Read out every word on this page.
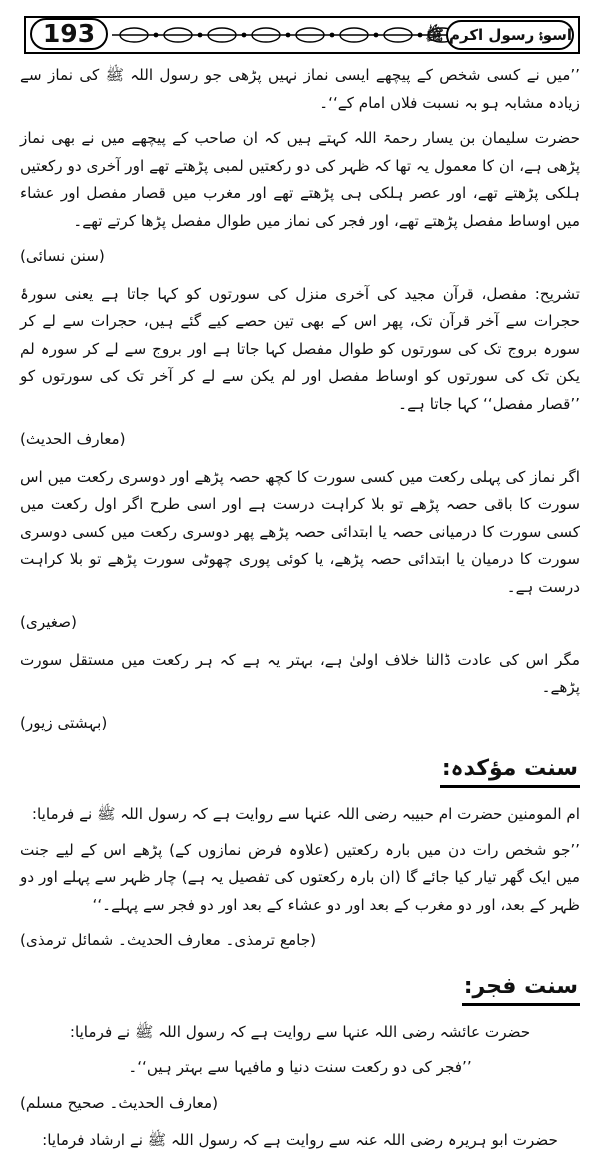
193	اسوۂ رسول اکرم ﷺ

’’میں نے کسی شخص کے پیچھے ایسی نماز نہیں پڑھی جو رسول اللہ ﷺ کی نماز سے زیادہ مشابہ ہو بہ نسبت فلاں امام کے‘‘۔

حضرت سلیمان بن یسار رحمۃ اللہ کہتے ہیں کہ ان صاحب کے پیچھے میں نے بھی نماز پڑھی ہے، ان کا معمول یہ تھا کہ ظہر کی دو رکعتیں لمبی پڑھتے تھے اور آخری دو رکعتیں ہلکی پڑھتے تھے، اور عصر ہلکی ہی پڑھتے تھے اور مغرب میں قصار مفصل اور عشاء میں اوساط مفصل پڑھتے تھے، اور فجر کی نماز میں طوال مفصل پڑھا کرتے تھے۔

(سنن نسائی)

تشریح: مفصل، قرآن مجید کی آخری منزل کی سورتوں کو کہا جاتا ہے یعنی سورۂ حجرات سے آخر قرآن تک، پھر اس کے بھی تین حصے کیے گئے ہیں، حجرات سے لے کر سورہ بروج تک کی سورتوں کو طوال مفصل کہا جاتا ہے اور بروج سے لے کر سورہ لم یکن تک کی سورتوں کو اوساط مفصل اور لم یکن سے لے کر آخر تک کی سورتوں کو ’’قصار مفصل‘‘ کہا جاتا ہے۔

(معارف الحدیث)

اگر نماز کی پہلی رکعت میں کسی سورت کا کچھ حصہ پڑھے اور دوسری رکعت میں اس سورت کا باقی حصہ پڑھے تو بلا کراہت درست ہے اور اسی طرح اگر اول رکعت میں کسی سورت کا درمیانی حصہ یا ابتدائی حصہ پڑھے پھر دوسری رکعت میں کسی دوسری سورت کا درمیان یا ابتدائی حصہ پڑھے، یا کوئی پوری چھوٹی سورت پڑھے تو بلا کراہت درست ہے۔

(صغیری)

مگر اس کی عادت ڈالنا خلاف اولیٰ ہے، بہتر یہ ہے کہ ہر رکعت میں مستقل سورت پڑھے۔

(بہشتی زیور)
سنت مؤکدہ:

ام المومنین حضرت ام حبیبہ رضی اللہ عنہا سے روایت ہے کہ رسول اللہ ﷺ نے فرمایا:

’’جو شخص رات دن میں بارہ رکعتیں (علاوہ فرض نمازوں کے) پڑھے اس کے لیے جنت میں ایک گھر تیار کیا جائے گا (ان بارہ رکعتوں کی تفصیل یہ ہے) چار ظہر سے پہلے اور دو ظہر کے بعد، اور دو مغرب کے بعد اور دو عشاء کے بعد اور دو فجر سے پہلے۔‘‘

(جامع ترمذی۔ معارف الحدیث۔ شمائل ترمذی)
سنت فجر:

حضرت عائشہ رضی اللہ عنہا سے روایت ہے کہ رسول اللہ ﷺ نے فرمایا:

’’فجر کی دو رکعت سنت دنیا و مافیہا سے بہتر ہیں‘‘۔

(معارف الحدیث۔ صحیح مسلم)

حضرت ابو ہریرہ رضی اللہ عنہ سے روایت ہے کہ رسول اللہ ﷺ نے ارشاد فرمایا:
